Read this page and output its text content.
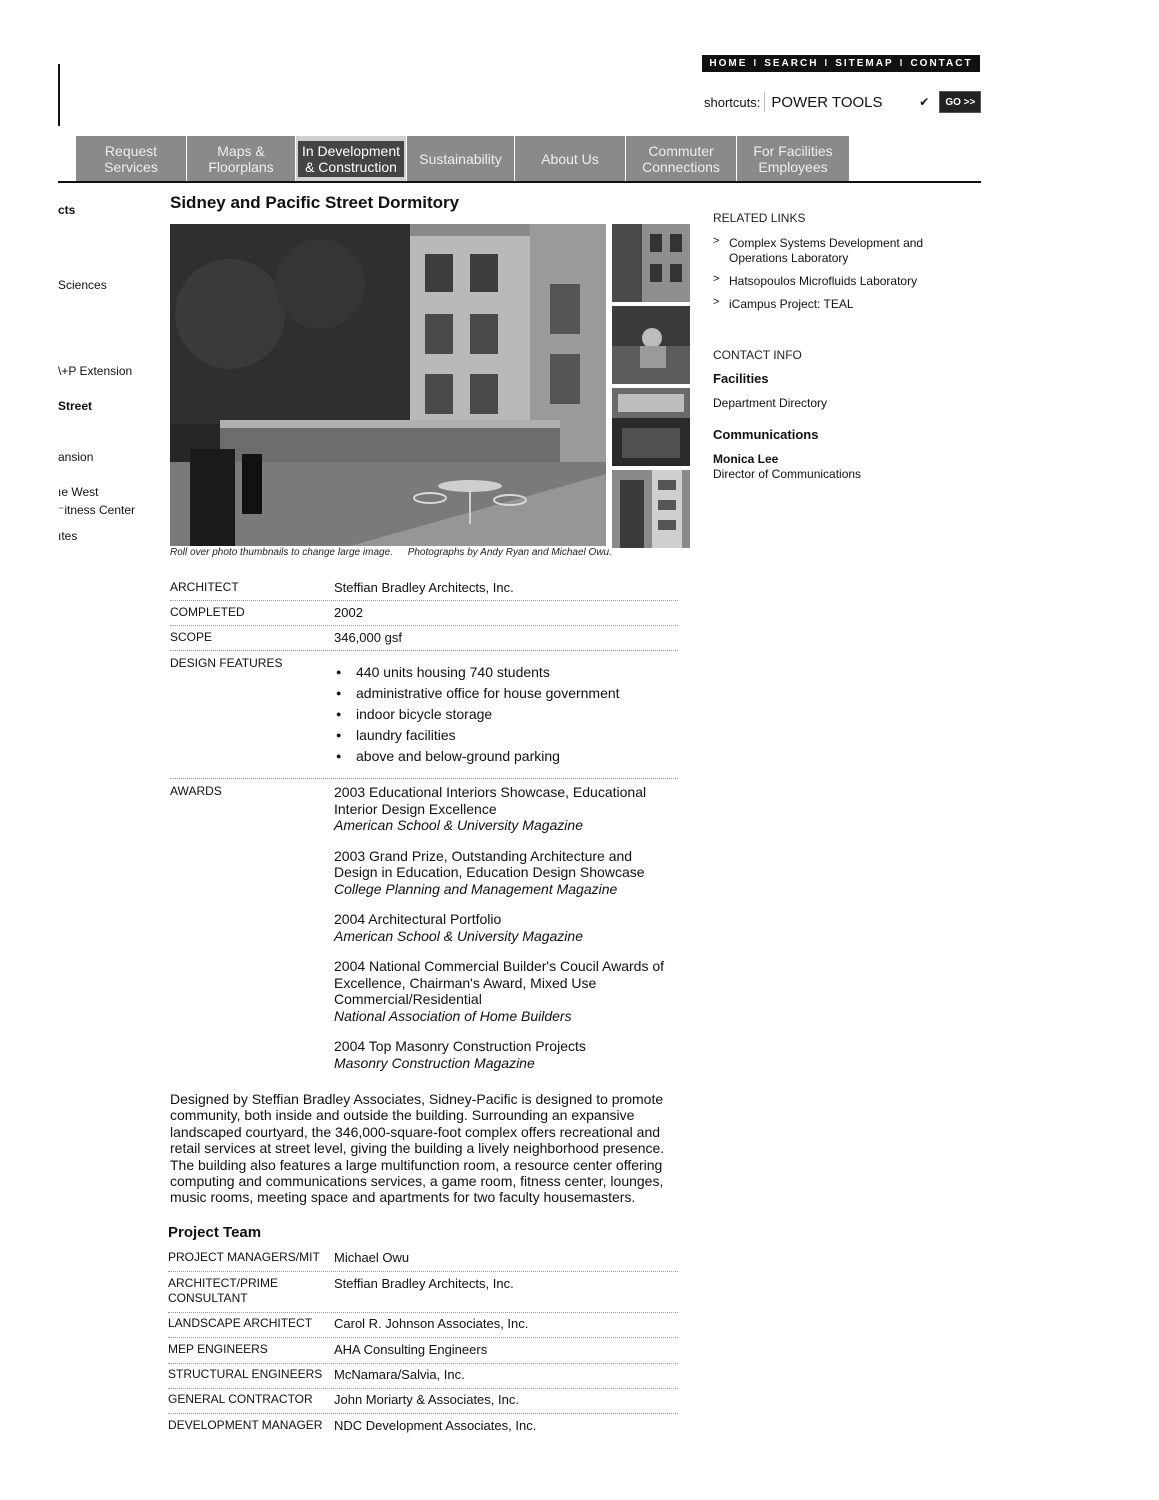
HOME I SEARCH I SITEMAP I CONTACT
shortcuts: POWER TOOLS	✔	GO >>
Request
Services
Maps &
Floorplans
In Development
& Construction	Sustainability	About Us	Commuter
Connections
For Facilities
Employees
cts
Sciences
\+P Extension
Street
ansion
ıe West
⁻itness Center
ıtes
Sidney and Pacific Street Dormitory
Roll over photo thumbnails to change large image. Photographs by Andy Ryan and Michael Owu.
ARCHITECT	Steffian Bradley Architects, Inc.
COMPLETED	2002
SCOPE	346,000 gsf
DESIGN FEATURES
● 440 units housing 740 students
● administrative office for house government
● indoor bicycle storage
● laundry facilities
● above and below-ground parking
AWARDS	2003 Educational Interiors Showcase, Educational Interior Design Excellence
American School & University Magazine
2003 Grand Prize, Outstanding Architecture and Design in Education, Education Design Showcase
College Planning and Management Magazine
2004 Architectural Portfolio
American School & University Magazine
2004 National Commercial Builder's Coucil Awards of Excellence, Chairman's Award, Mixed Use Commercial/Residential
National Association of Home Builders
2004 Top Masonry Construction Projects
Masonry Construction Magazine
Designed by Steffian Bradley Associates, Sidney-Pacific is designed to promote community, both inside and outside the building. Surrounding an expansive landscaped courtyard, the 346,000-square-foot complex offers recreational and retail services at street level, giving the building a lively neighborhood presence. The building also features a large multifunction room, a resource center offering computing and communications services, a game room, fitness center, lounges, music rooms, meeting space and apartments for two faculty housemasters.
Project Team
PROJECT MANAGERS/MIT Michael Owu
ARCHITECT/PRIME CONSULTANT
Steffian Bradley Architects, Inc.
LANDSCAPE ARCHITECT Carol R. Johnson Associates, Inc.
MEP ENGINEERS	AHA Consulting Engineers
STRUCTURAL ENGINEERS McNamara/Salvia, Inc.
GENERAL CONTRACTOR John Moriarty & Associates, Inc.
DEVELOPMENT MANAGER NDC Development Associates, Inc.
RELATED LINKS
> Complex Systems Development and Operations Laboratory
> Hatsopoulos Microfluids Laboratory
> iCampus Project: TEAL
CONTACT INFO
Facilities
Department Directory
Communications
Monica Lee
Director of Communications
